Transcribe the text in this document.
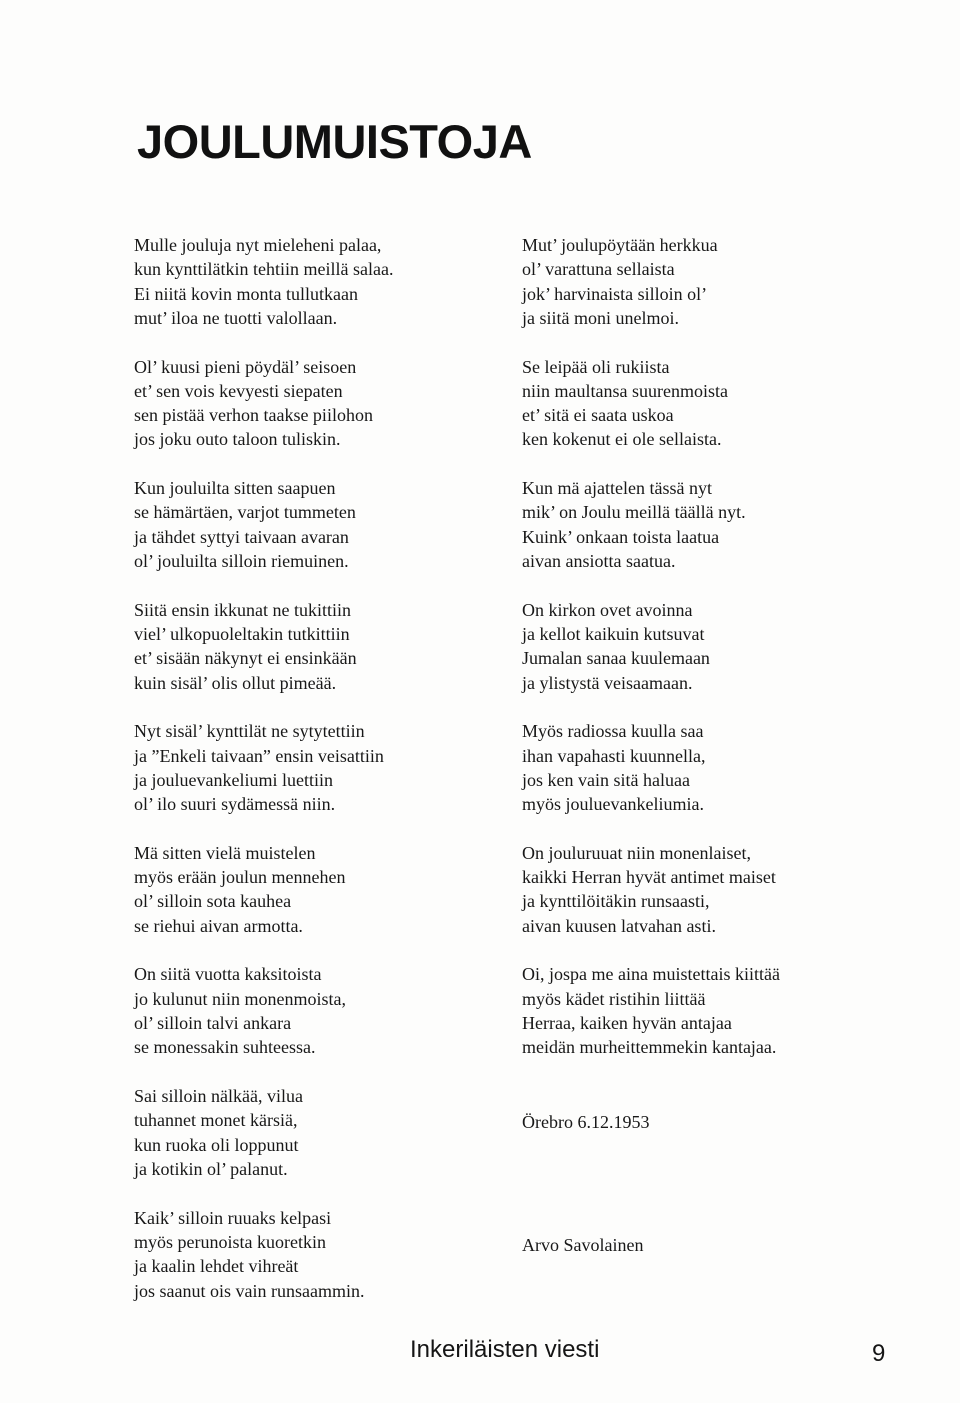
JOULUMUISTOJA
Mulle jouluja nyt mieleheni palaa,
kun kynttilätkin tehtiin meillä salaa.
Ei niitä kovin monta tullutkaan
mut’ iloa ne tuotti valollaan.
Ol’ kuusi pieni pöydäl’ seisoen
et’ sen vois kevyesti siepaten
sen pistää verhon taakse piilohon
jos joku outo taloon tuliskin.
Kun jouluilta sitten saapuen
se hämärtäen, varjot tummeten
ja tähdet syttyi taivaan avaran
ol’ jouluilta silloin riemuinen.
Siitä ensin ikkunat ne tukittiin
viel’ ulkopuoleltakin tutkittiin
et’ sisään näkynyt ei ensinkään
kuin sisäl’ olis ollut pimeää.
Nyt sisäl’ kynttilät ne sytytettiin
ja ”Enkeli taivaan” ensin veisattiin
ja jouluevankeliumi luettiin
ol’ ilo suuri sydämessä niin.
Mä sitten vielä muistelen
myös erään joulun mennehen
ol’ silloin sota kauhea
se riehui aivan armotta.
On siitä vuotta kaksitoista
jo kulunut niin monenmoista,
ol’ silloin talvi ankara
se monessakin suhteessa.
Sai silloin nälkää, vilua
tuhannet monet kärsiä,
kun ruoka oli loppunut
ja kotikin ol’ palanut.
Kaik’ silloin ruuaks kelpasi
myös perunoista kuoretkin
ja kaalin lehdet vihreät
jos saanut ois vain runsaammin.
Mut’ joulupöytään herkkua
ol’ varattuna sellaista
jok’ harvinaista silloin ol’
ja siitä moni unelmoi.
Se leipää oli rukiista
niin maultansa suurenmoista
et’ sitä ei saata uskoa
ken kokenut ei ole sellaista.
Kun mä ajattelen tässä nyt
mik’ on Joulu meillä täällä nyt.
Kuink’ onkaan toista laatua
aivan ansiotta saatua.
On kirkon ovet avoinna
ja kellot kaikuin kutsuvat
Jumalan sanaa kuulemaan
ja ylistystä veisaamaan.
Myös radiossa kuulla saa
ihan vapahasti kuunnella,
jos ken vain sitä haluaa
myös jouluevankeliumia.
On jouluruuat niin monenlaiset,
kaikki Herran hyvät antimet maiset
ja kynttilöitäkin runsaasti,
aivan kuusen latvahan asti.
Oi, jospa me aina muistettais kiittää
myös kädet ristihin liittää
Herraa, kaiken hyvän antajaa
meidän murheittemmekin kantajaa.
Örebro 6.12.1953
Arvo Savolainen
Inkeriläisten viesti	9
